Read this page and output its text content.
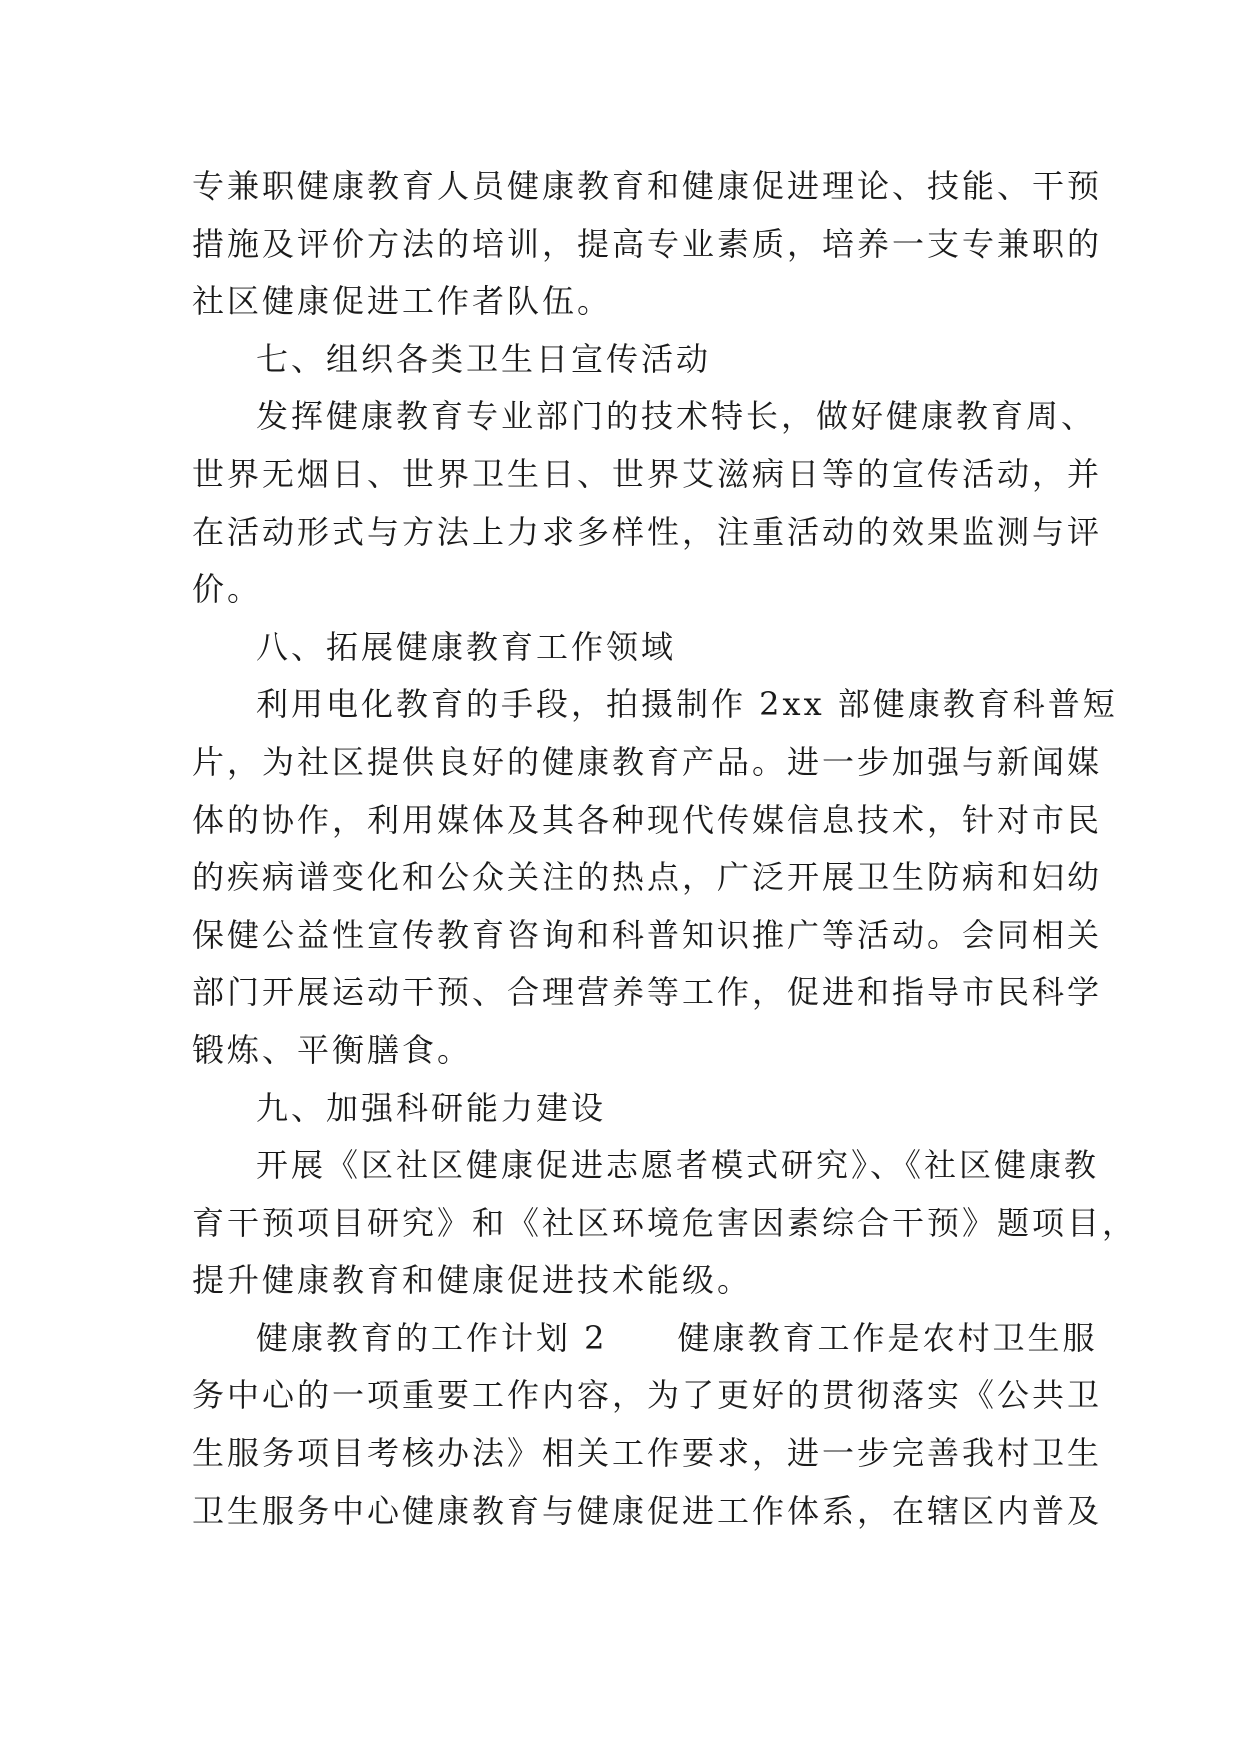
专兼职健康教育人员健康教育和健康促进理论、技能、干预
措施及评价方法的培训，提高专业素质，培养一支专兼职的
社区健康促进工作者队伍。
七、组织各类卫生日宣传活动
发挥健康教育专业部门的技术特长，做好健康教育周、
世界无烟日、世界卫生日、世界艾滋病日等的宣传活动，并
在活动形式与方法上力求多样性，注重活动的效果监测与评
价。
八、拓展健康教育工作领域
利用电化教育的手段，拍摄制作 2xx 部健康教育科普短
片，为社区提供良好的健康教育产品。进一步加强与新闻媒
体的协作，利用媒体及其各种现代传媒信息技术，针对市民
的疾病谱变化和公众关注的热点，广泛开展卫生防病和妇幼
保健公益性宣传教育咨询和科普知识推广等活动。会同相关
部门开展运动干预、合理营养等工作，促进和指导市民科学
锻炼、平衡膳食。
九、加强科研能力建设
开展《区社区健康促进志愿者模式研究》、《社区健康教
育干预项目研究》和《社区环境危害因素综合干预》题项目，
提升健康教育和健康促进技术能级。
健康教育的工作计划 2　　健康教育工作是农村卫生服
务中心的一项重要工作内容，为了更好的贯彻落实《公共卫
生服务项目考核办法》相关工作要求，进一步完善我村卫生
卫生服务中心健康教育与健康促进工作体系，在辖区内普及
